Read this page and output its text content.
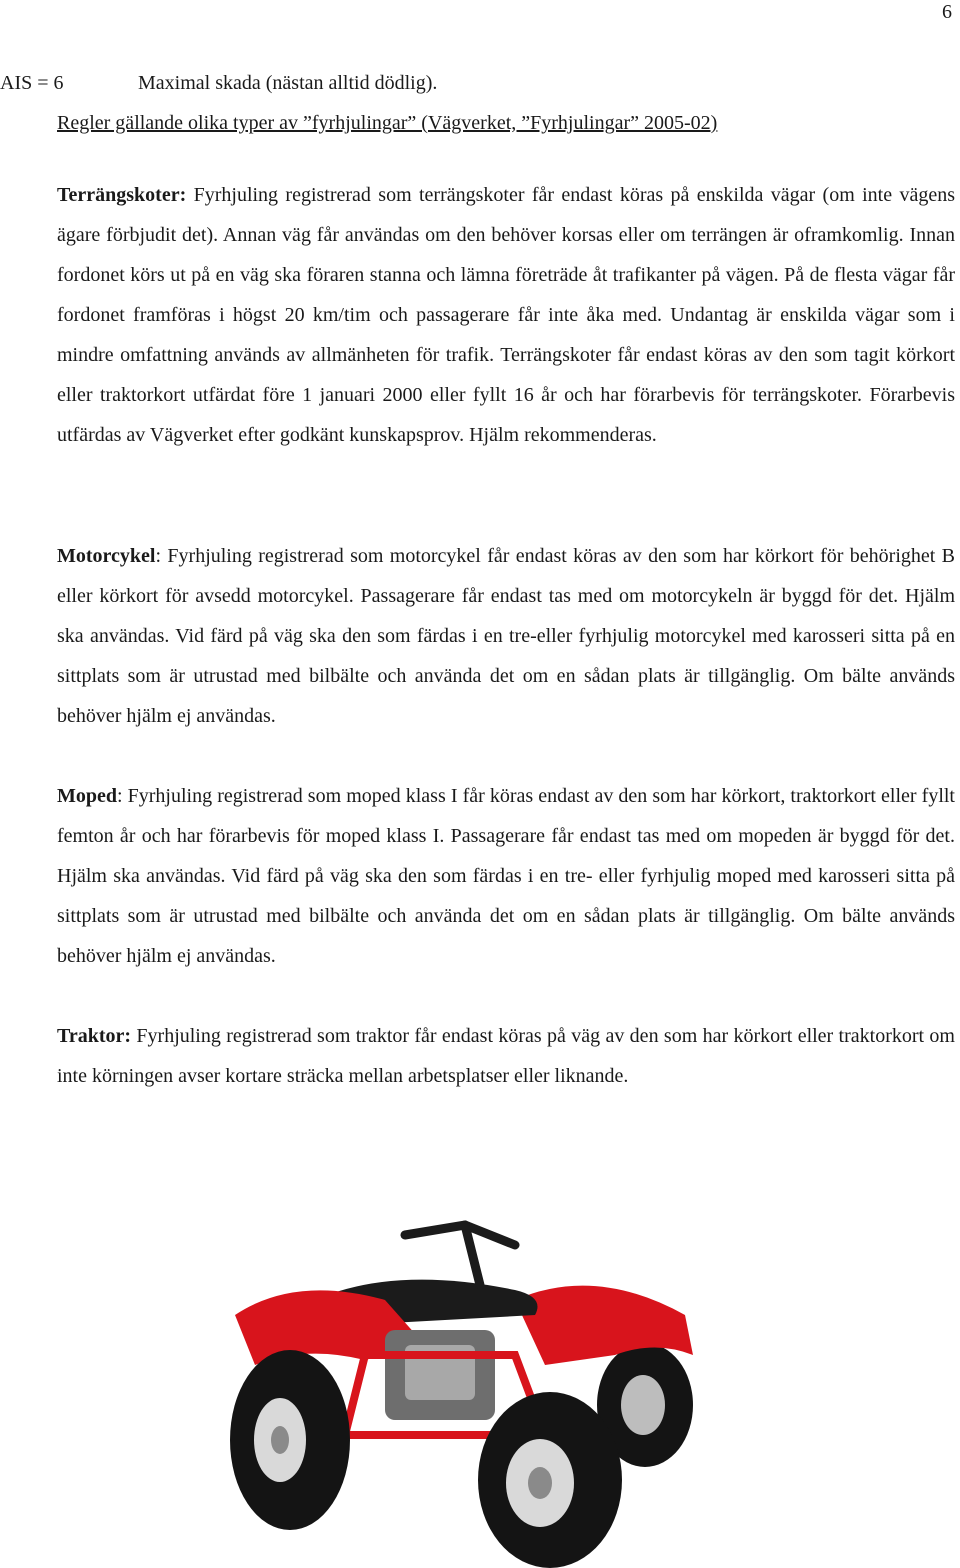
6
AIS = 6	Maximal skada (nästan alltid dödlig).
Regler gällande olika typer av ”fyrhjulingar” (Vägverket, ”Fyrhjulingar” 2005-02)

Terrängskoter: Fyrhjuling registrerad som terrängskoter får endast köras på enskilda vägar (om inte vägens ägare förbjudit det). Annan väg får användas om den behöver korsas eller om terrängen är oframkomlig. Innan fordonet körs ut på en väg ska föraren stanna och lämna företräde åt trafikanter på vägen. På de flesta vägar får fordonet framföras i högst 20 km/tim och passagerare får inte åka med. Undantag är enskilda vägar som i mindre omfattning används av allmänheten för trafik. Terrängskoter får endast köras av den som tagit körkort eller traktorkort utfärdat före 1 januari 2000 eller fyllt 16 år och har förarbevis för terrängskoter. Förarbevis utfärdas av Vägverket efter godkänt kunskapsprov. Hjälm rekommenderas.

Motorcykel: Fyrhjuling registrerad som motorcykel får endast köras av den som har körkort för behörighet B eller körkort för avsedd motorcykel. Passagerare får endast tas med om motorcykeln är byggd för det. Hjälm ska användas. Vid färd på väg ska den som färdas i en tre-eller fyrhjulig motorcykel med karosseri sitta på en sittplats som är utrustad med bilbälte och använda det om en sådan plats är tillgänglig. Om bälte används behöver hjälm ej användas.

Moped: Fyrhjuling registrerad som moped klass I får köras endast av den som har körkort, traktorkort eller fyllt femton år och har förarbevis för moped klass I. Passagerare får endast tas med om mopeden är byggd för det. Hjälm ska användas. Vid färd på väg ska den som färdas i en tre- eller fyrhjulig moped med karosseri sitta på sittplats som är utrustad med bilbälte och använda det om en sådan plats är tillgänglig. Om bälte används behöver hjälm ej användas.

Traktor: Fyrhjuling registrerad som traktor får endast köras på väg av den som har körkort eller traktorkort om inte körningen avser kortare sträcka mellan arbetsplatser eller liknande.
